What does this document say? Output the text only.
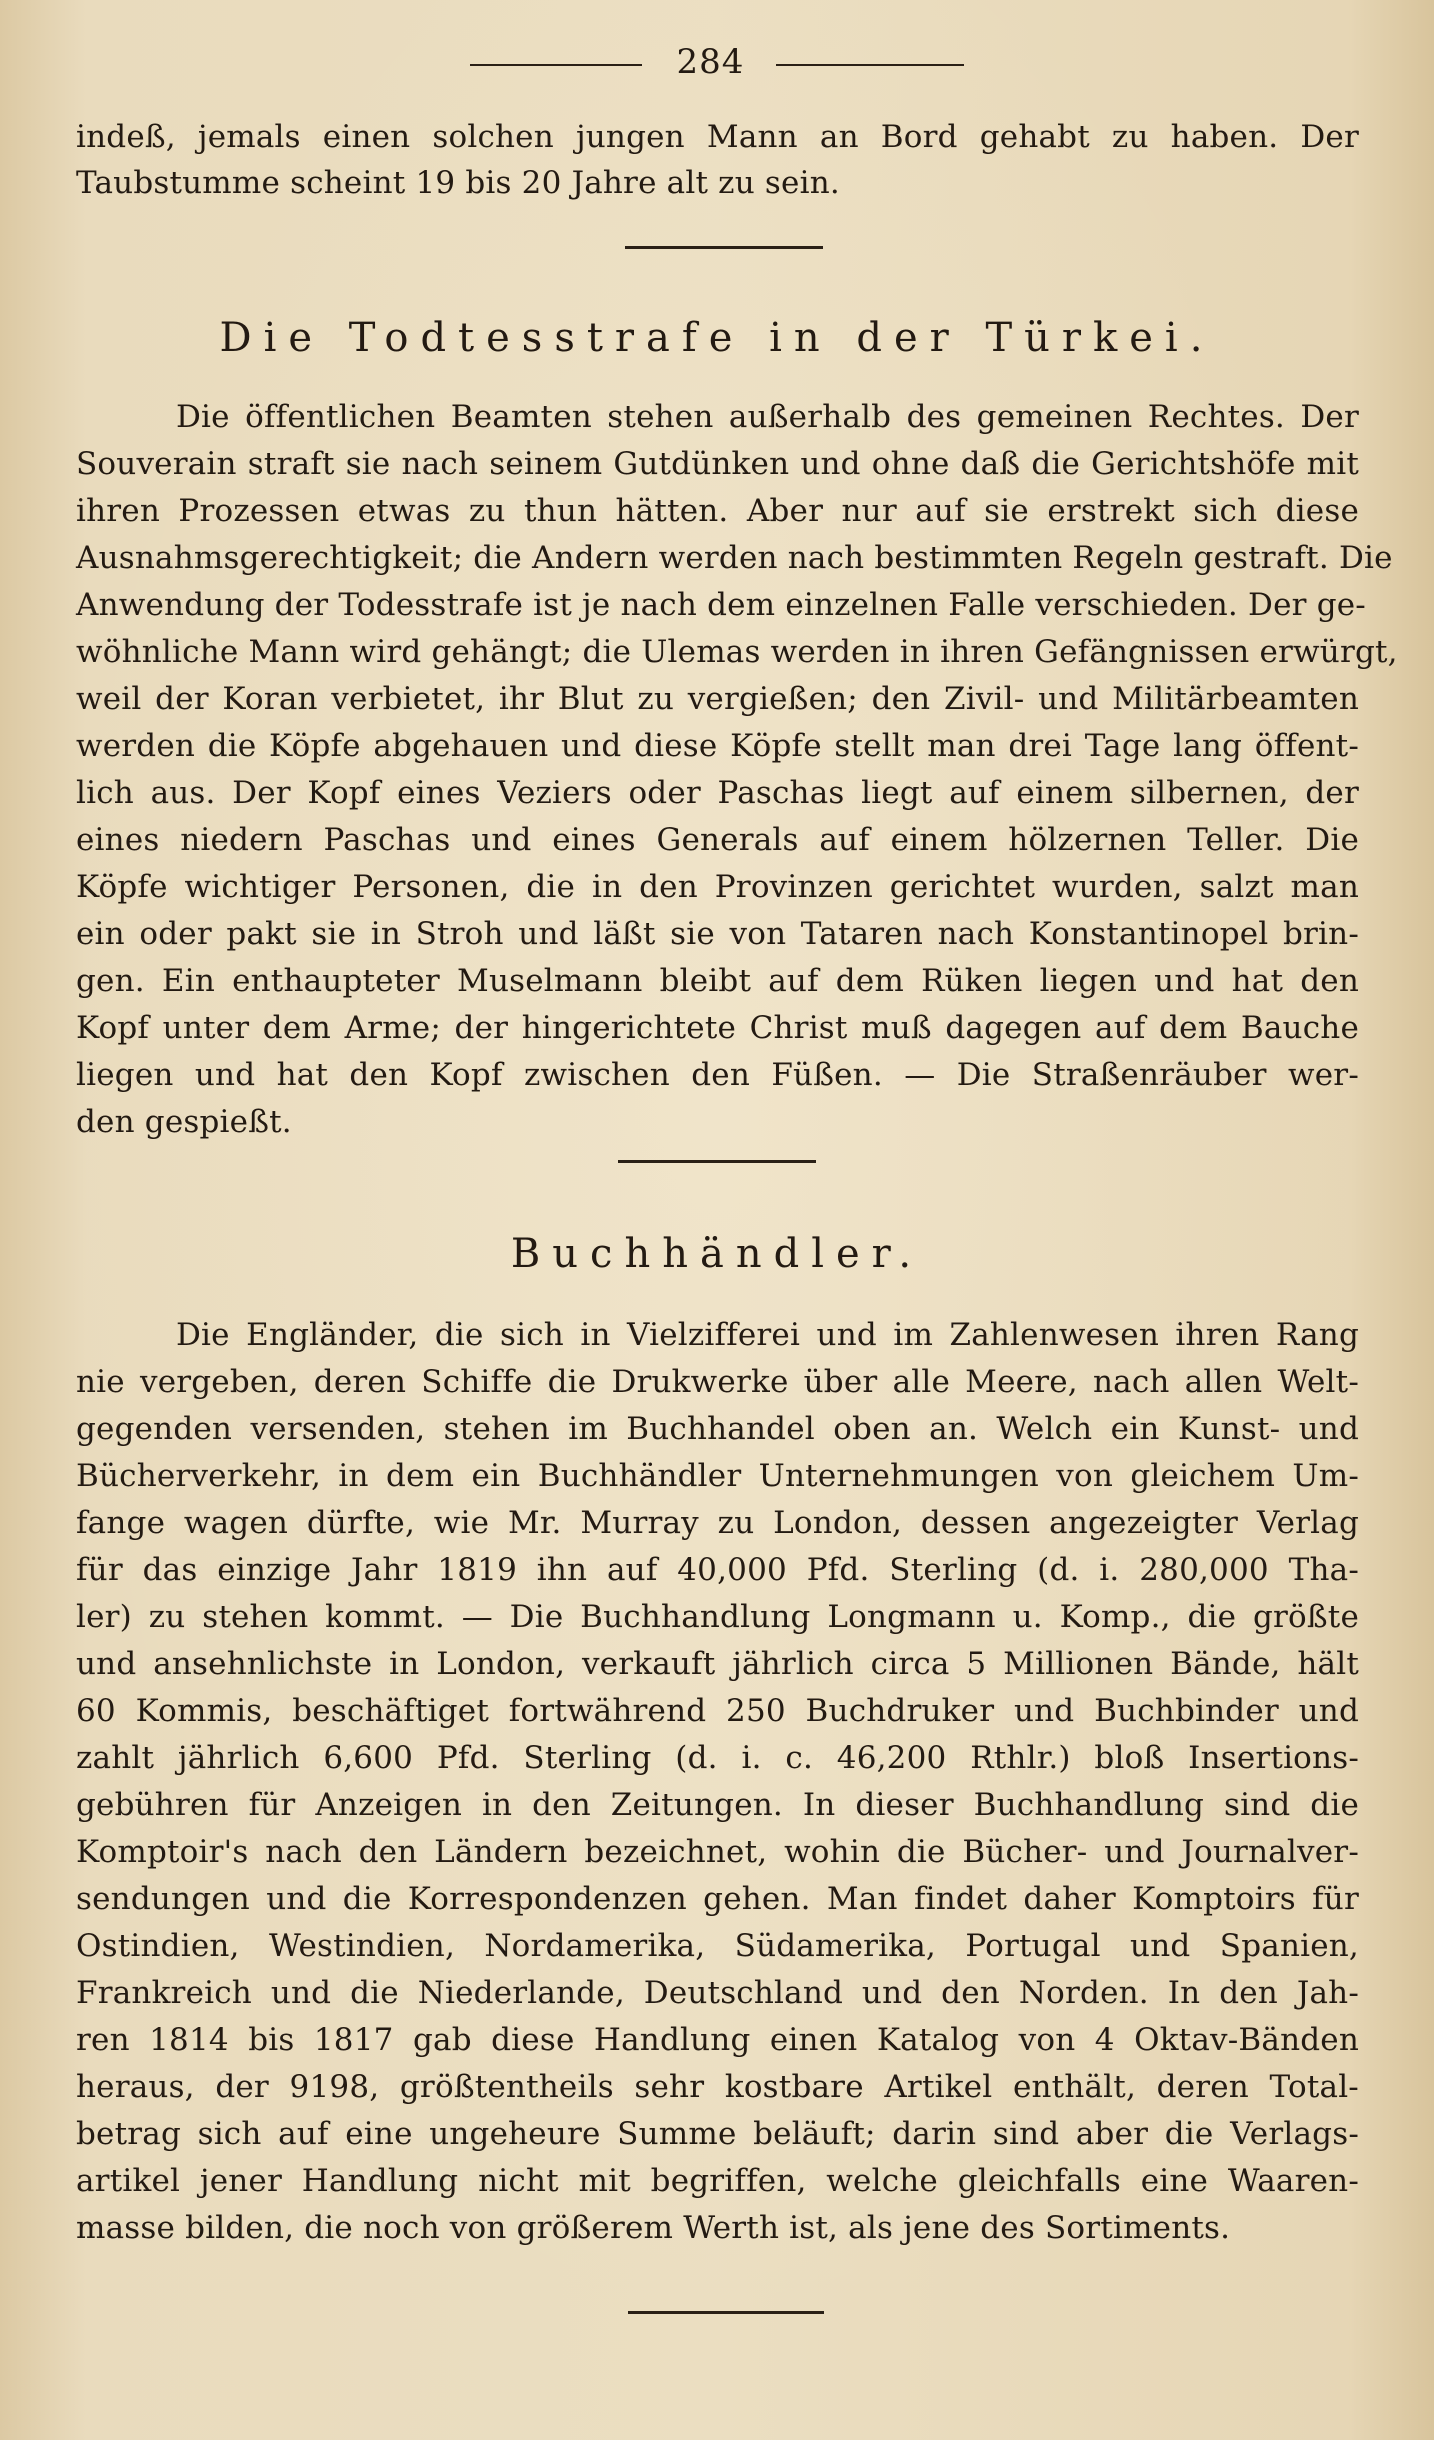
284
indeß, jemals einen solchen jungen Mann an Bord gehabt zu haben. Der
Taubstumme scheint 19 bis 20 Jahre alt zu sein.
Die Todtesstrafe in der Türkei.
Die öffentlichen Beamten stehen außerhalb des gemeinen Rechtes. Der
Souverain straft sie nach seinem Gutdünken und ohne daß die Gerichtshöfe mit
ihren Prozessen etwas zu thun hätten. Aber nur auf sie erstrekt sich diese
Ausnahmsgerechtigkeit; die Andern werden nach bestimmten Regeln gestraft. Die
Anwendung der Todesstrafe ist je nach dem einzelnen Falle verschieden. Der ge-
wöhnliche Mann wird gehängt; die Ulemas werden in ihren Gefängnissen erwürgt,
weil der Koran verbietet, ihr Blut zu vergießen; den Zivil- und Militärbeamten
werden die Köpfe abgehauen und diese Köpfe stellt man drei Tage lang öffent-
lich aus. Der Kopf eines Veziers oder Paschas liegt auf einem silbernen, der
eines niedern Paschas und eines Generals auf einem hölzernen Teller. Die
Köpfe wichtiger Personen, die in den Provinzen gerichtet wurden, salzt man
ein oder pakt sie in Stroh und läßt sie von Tataren nach Konstantinopel brin-
gen. Ein enthaupteter Muselmann bleibt auf dem Rüken liegen und hat den
Kopf unter dem Arme; der hingerichtete Christ muß dagegen auf dem Bauche
liegen und hat den Kopf zwischen den Füßen. — Die Straßenräuber wer-
den gespießt.
Buchhändler.
Die Engländer, die sich in Vielzifferei und im Zahlenwesen ihren Rang
nie vergeben, deren Schiffe die Drukwerke über alle Meere, nach allen Welt-
gegenden versenden, stehen im Buchhandel oben an. Welch ein Kunst- und
Bücherverkehr, in dem ein Buchhändler Unternehmungen von gleichem Um-
fange wagen dürfte, wie Mr. Murray zu London, dessen angezeigter Verlag
für das einzige Jahr 1819 ihn auf 40,000 Pfd. Sterling (d. i. 280,000 Tha-
ler) zu stehen kommt. — Die Buchhandlung Longmann u. Komp., die größte
und ansehnlichste in London, verkauft jährlich circa 5 Millionen Bände, hält
60 Kommis, beschäftiget fortwährend 250 Buchdruker und Buchbinder und
zahlt jährlich 6,600 Pfd. Sterling (d. i. c. 46,200 Rthlr.) bloß Insertions-
gebühren für Anzeigen in den Zeitungen. In dieser Buchhandlung sind die
Komptoir's nach den Ländern bezeichnet, wohin die Bücher- und Journalver-
sendungen und die Korrespondenzen gehen. Man findet daher Komptoirs für
Ostindien, Westindien, Nordamerika, Südamerika, Portugal und Spanien,
Frankreich und die Niederlande, Deutschland und den Norden. In den Jah-
ren 1814 bis 1817 gab diese Handlung einen Katalog von 4 Oktav-Bänden
heraus, der 9198, größtentheils sehr kostbare Artikel enthält, deren Total-
betrag sich auf eine ungeheure Summe beläuft; darin sind aber die Verlags-
artikel jener Handlung nicht mit begriffen, welche gleichfalls eine Waaren-
masse bilden, die noch von größerem Werth ist, als jene des Sortiments.
